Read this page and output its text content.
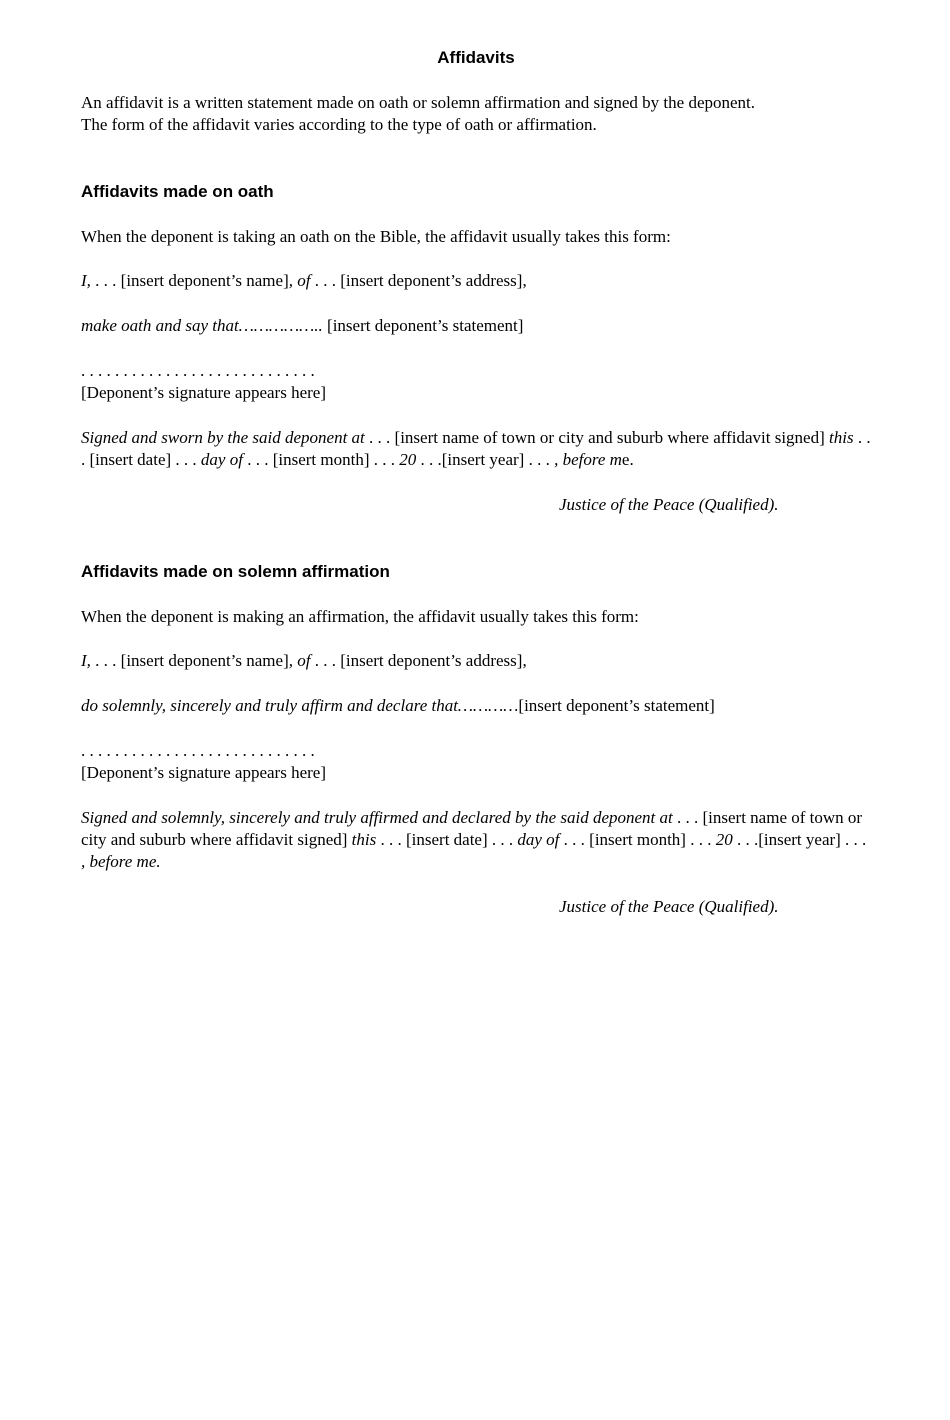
Affidavits

An affidavit is a written statement made on oath or solemn affirmation and signed by the deponent.
The form of the affidavit varies according to the type of oath or affirmation.

Affidavits made on oath

When the deponent is taking an oath on the Bible, the affidavit usually takes this form:

I, . . . [insert deponent’s name], of . . . [insert deponent’s address],

make oath and say that…………….. [insert deponent’s statement]

. . . . . . . . . . . . . . . . . . . . . . . . . . . .
[Deponent’s signature appears here]

Signed and sworn by the said deponent at . . . [insert name of town or city and suburb where affidavit signed] this . . . [insert date] . . . day of . . . [insert month] . . . 20 . . .[insert year] . . . , before me.

Justice of the Peace (Qualified).

Affidavits made on solemn affirmation

When the deponent is making an affirmation, the affidavit usually takes this form:

I, . . . [insert deponent’s name], of . . . [insert deponent’s address],

do solemnly, sincerely and truly affirm and declare that…………[insert deponent’s statement]

. . . . . . . . . . . . . . . . . . . . . . . . . . . .
[Deponent’s signature appears here]

Signed and solemnly, sincerely and truly affirmed and declared by the said deponent at . . . [insert name of town or city and suburb where affidavit signed] this . . . [insert date] . . . day of . . . [insert month] . . . 20 . . .[insert year] . . . , before me.

Justice of the Peace (Qualified).
